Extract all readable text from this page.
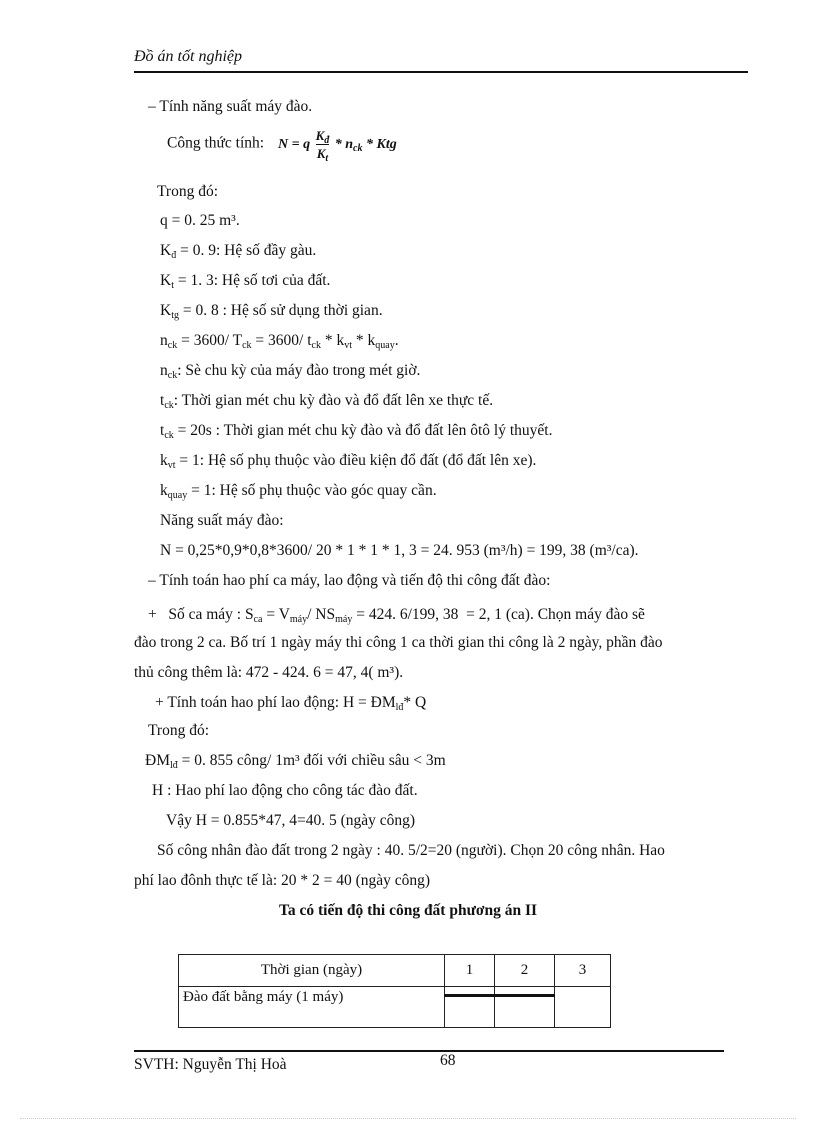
Đồ án tốt nghiệp
– Tính năng suất máy đào.
Công thức tính: N = q $\frac{K_đ}{K_t} * n_{ck}$ * Ktg
Trong đó:
q = 0. 25 m³.
$K_đ = 0$. 9: Hệ số đầy gàu.
$K_t = 1$. 3: Hệ số tơi của đất.
$K_{tg} = 0$. 8 : Hệ số sử dụng thời gian.
$n_{ck} = 3600/$ $T_{ck} = 3600/$ $t_{ck} * k_{vt} * k_{quay}$.
$n_{ck}$: Sè chu kỳ của máy đào trong mét giờ.
$t_{ck}$: Thời gian mét chu kỳ đào và đổ đất lên xe thực tế.
$t_{ck} = 20s$ : Thời gian mét chu kỳ đào và đổ đất lên ôtô lý thuyết.
$k_{vt} = 1$: Hệ số phụ thuộc vào điều kiện đổ đất (đổ đất lên xe).
$k_{quay} = 1$: Hệ số phụ thuộc vào góc quay cần.
Năng suất máy đào:
N = 0,25*0,9*0,8*3600/ 20 * 1 * 1 * 1, 3 = 24. 953 (m³/h) = 199, 38 (m³/ca).
– Tính toán hao phí ca máy, lao động và tiến độ thi công đất đào:
+   Số ca máy : $S_{ca} = V_{máy}/$ $NS_{máy} = 424$. 6/199, 38  = 2, 1 (ca). Chọn máy đào sẽ
đào trong 2 ca. Bố trí 1 ngày máy thi công 1 ca thời gian thi công là 2 ngày, phần đào
thủ công thêm là: 472 - 424. 6 = 47, 4( m³).
+ Tính toán hao phí lao động: $H = ĐM_{lđ}*$ Q
Trong đó:
$ĐM_{lđ} = 0$. 855 công/ 1m³ đối với chiều sâu < 3m
H : Hao phí lao động cho công tác đào đất.
Vậy H = 0.855*47, 4=40. 5 (ngày công)
Số công nhân đào đất trong 2 ngày : 40. 5/2=20 (người). Chọn 20 công nhân. Hao
phí lao đônh thực tế là: 20 * 2 = 40 (ngày công)
Ta có tiến độ thi công đất phương án II
Thời gian (ngày)	1	2	3
Đào đất bằng máy (1 máy)			
68
SVTH: Nguyễn Thị Hoà
